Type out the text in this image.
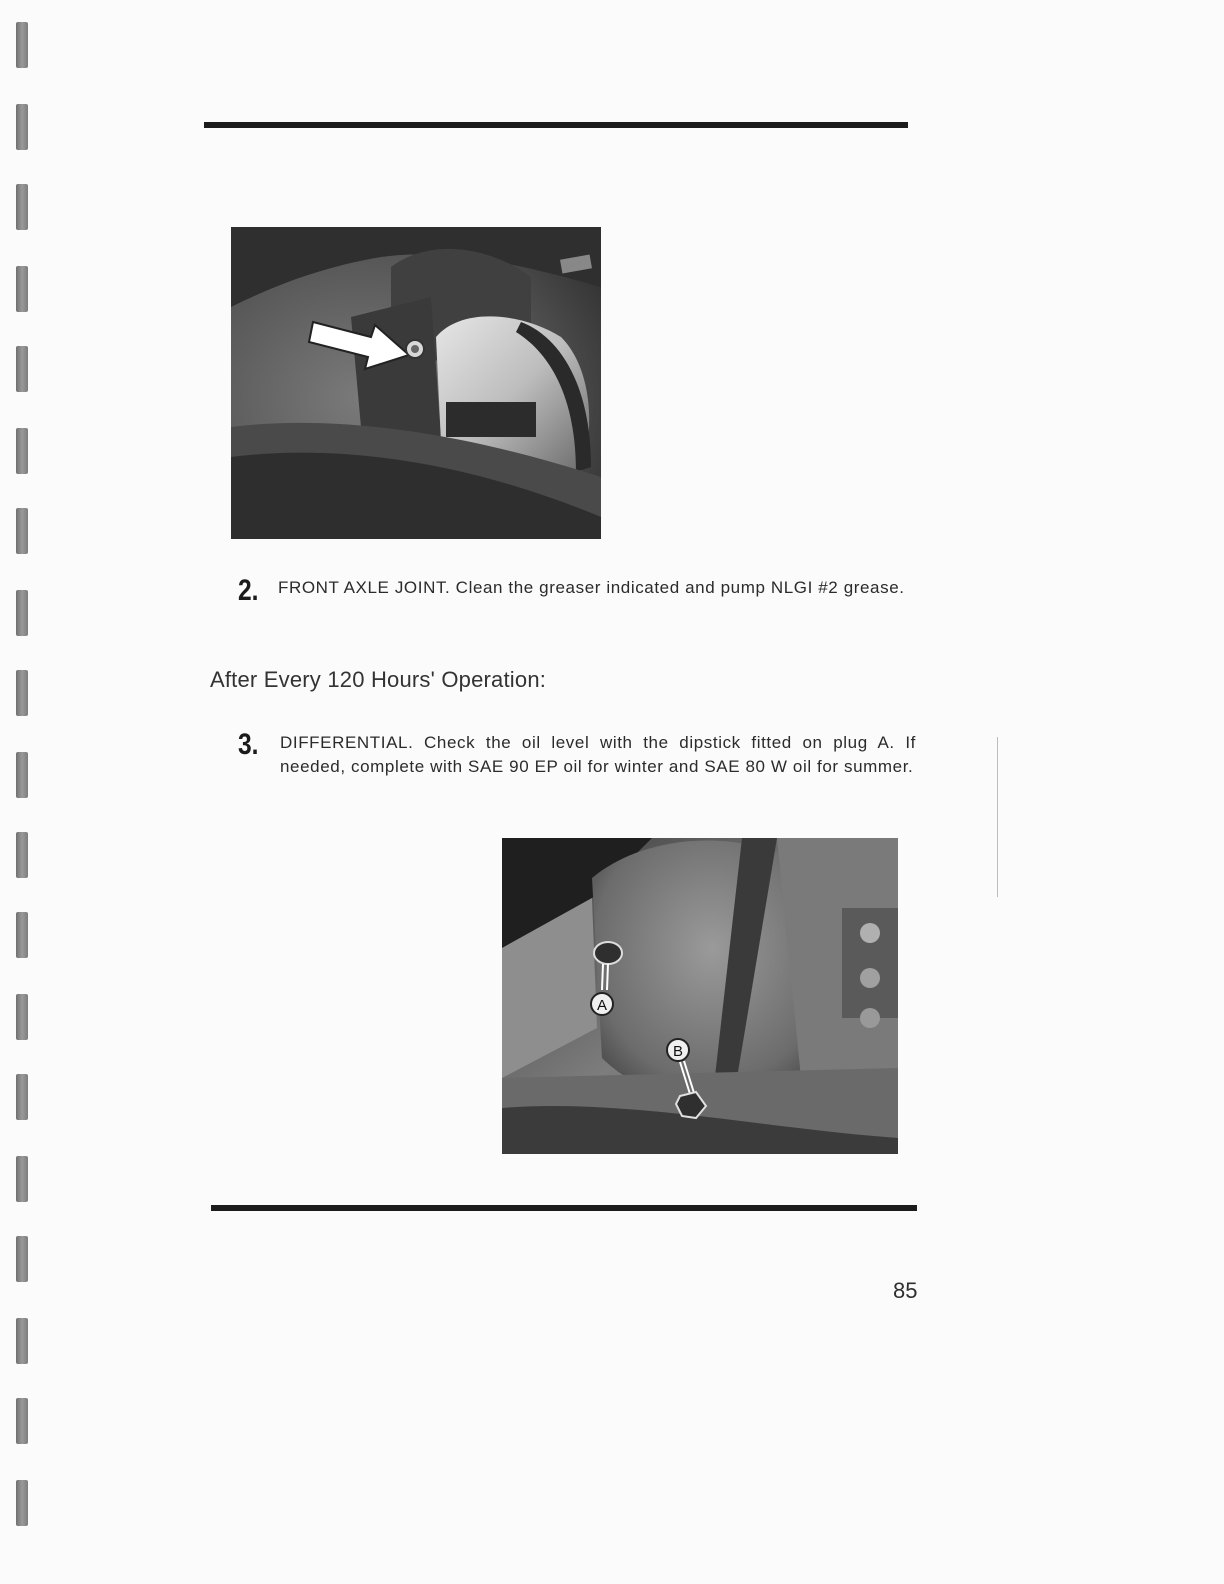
2. FRONT AXLE JOINT. Clean the greaser indicated and pump NLGI #2 grease.
After Every 120 Hours' Operation:
3. DIFFERENTIAL. Check the oil level with the dipstick fitted on plug A. If needed, complete with SAE 90 EP oil for winter and SAE 80 W oil for summer.
A
B
85
